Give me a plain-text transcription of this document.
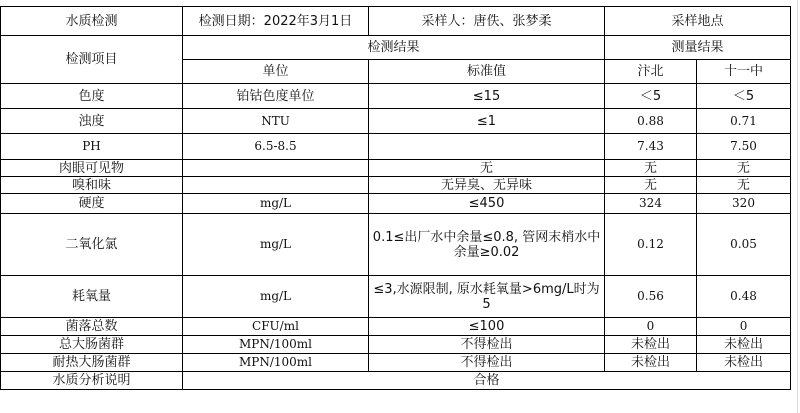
水质检测	检测日期：2022年3月1日	采样人：唐佚、张梦柔	采样地点	
检测项目	检测结果		测量结果	
	单位	标准值	汴北	十一中
色度	铂钴色度单位	≤15	＜5	＜5
浊度	NTU	≤1	0.88	0.71
PH	6.5-8.5		7.43	7.50
肉眼可见物		无	无	无
嗅和味		无异臭、无异味	无	无
硬度	mg/L	≤450	324	320
二氧化氯	mg/L	0.1≤出厂水中余量≤0.8, 管网末梢水中余量≥0.02	0.12	0.05
耗氧量	mg/L	≤3,水源限制, 原水耗氧量>6mg/L时为5	0.56	0.48
菌落总数	CFU/ml	≤100	0	0
总大肠菌群	MPN/100ml	不得检出	未检出	未检出
耐热大肠菌群	MPN/100ml	不得检出	未检出	未检出
水质分析说明	合格			
